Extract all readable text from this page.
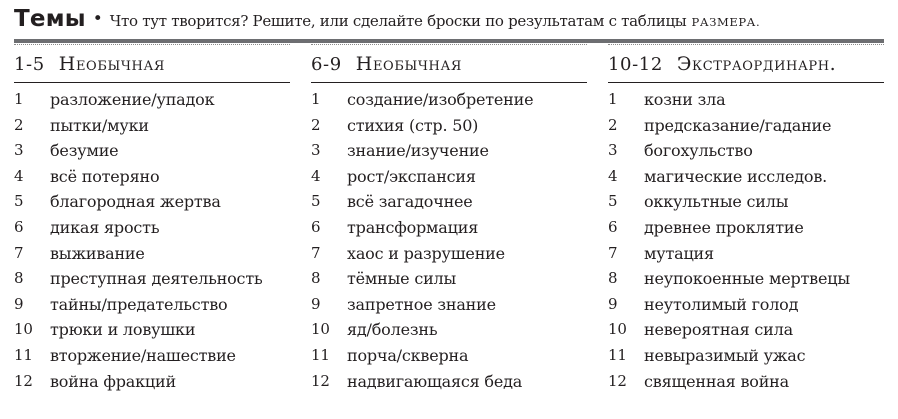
Темы • Что тут творится? Решите, или сделайте броски по результатам с таблицы
РАЗМЕРА.
1-5 Необычная
1	разложение/упадок
2	пытки/муки
3	безумие
4	всё потеряно
5	благородная жертва
6	дикая ярость
7	выживание
8	преступная деятельность
9	тайны/предательство
10	трюки и ловушки
11	вторжение/нашествие
12	война фракций
6-9 Необычная
1	создание/изобретение
2	стихия (стр. 50)
3	знание/изучение
4	рост/экспансия
5	всё загадочнее
6	трансформация
7	хаос и разрушение
8	тёмные силы
9	запретное знание
10	яд/болезнь
11	порча/скверна
12	надвигающаяся беда
10-12 Экстраординарн.
1	козни зла
2	предсказание/гадание
3	богохульство
4	магические исследов.
5	оккультные силы
6	древнее проклятие
7	мутация
8	неупокоенные мертвецы
9	неутолимый голод
10	невероятная сила
11	невыразимый ужас
12	священная война
